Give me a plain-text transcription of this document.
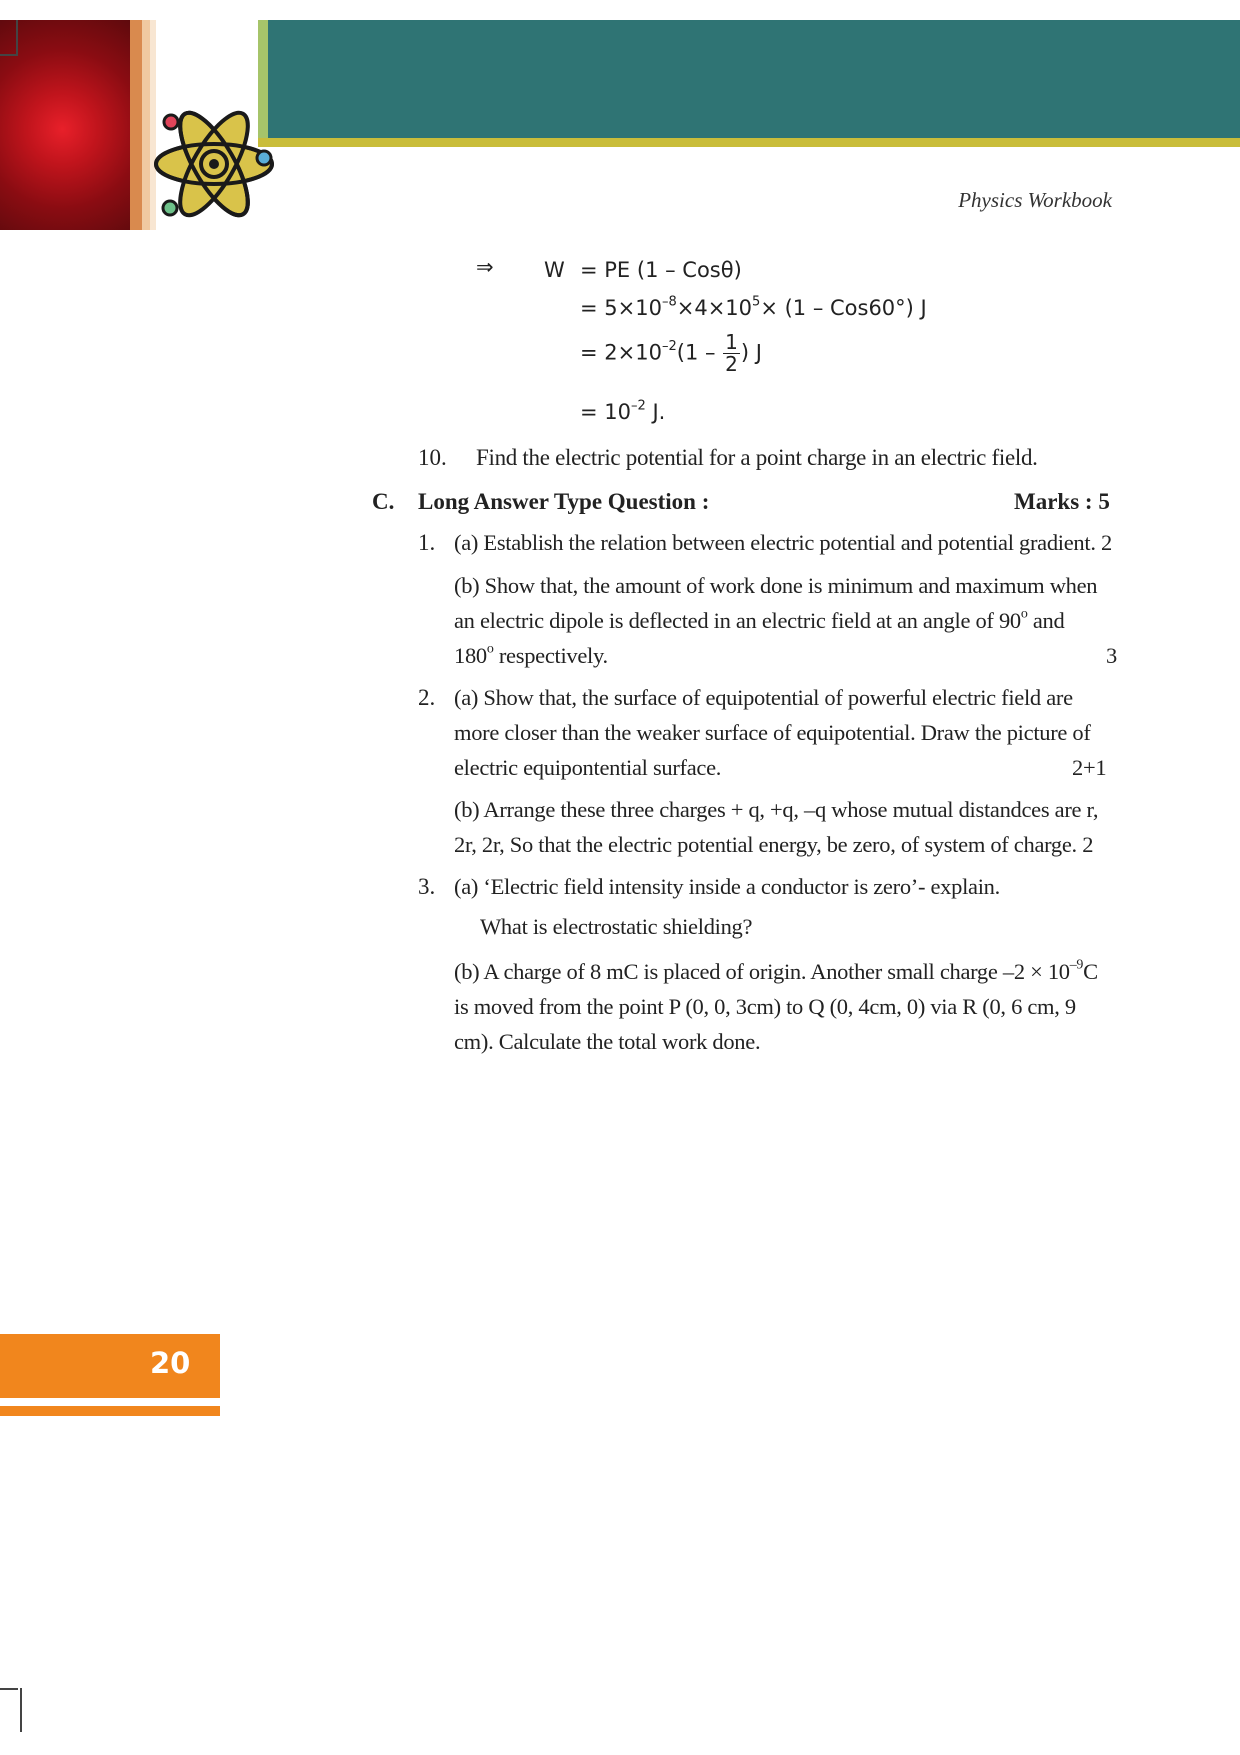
Physics Workbook
⇒ W = PE (1 – Cosθ)
= $5\times 10^{-8}\times 4\times 10^5\times (1 - Cos60^\circ)$ J
= $2\times 10^{-2}(1 - \frac{1}{2}$ ) J
= $10^{-2}$ J.
10. Find the electric potential for a point charge in an electric field.
C. Long Answer Type Question :	Marks : 5
1. (a) Establish the relation between electric potential and potential gradient. 2
(b) Show that, the amount of work done is minimum and maximum when
an electric dipole is deflected in an electric field at an angle of 90$^o$ and
180$^o$ respectively.	3
2. (a) Show that, the surface of equipotential of powerful electric field are
more closer than the weaker surface of equipotential. Draw the picture of
electric equipontential surface.	2+1
(b) Arrange these three charges + q, +q, –q whose mutual distandces are r,
2r, 2r, So that the electric potential energy, be zero, of system of charge. 2
3. (a) ‘Electric field intensity inside a conductor is zero’- explain.
What is electrostatic shielding?
(b) A charge of 8 mC is placed of origin. Another small charge $-2 \times 10^{-9}C$
is moved from the point P (0, 0, 3cm) to Q (0, 4cm, 0) via R (0, 6 cm, 9
cm). Calculate the total work done.
20
